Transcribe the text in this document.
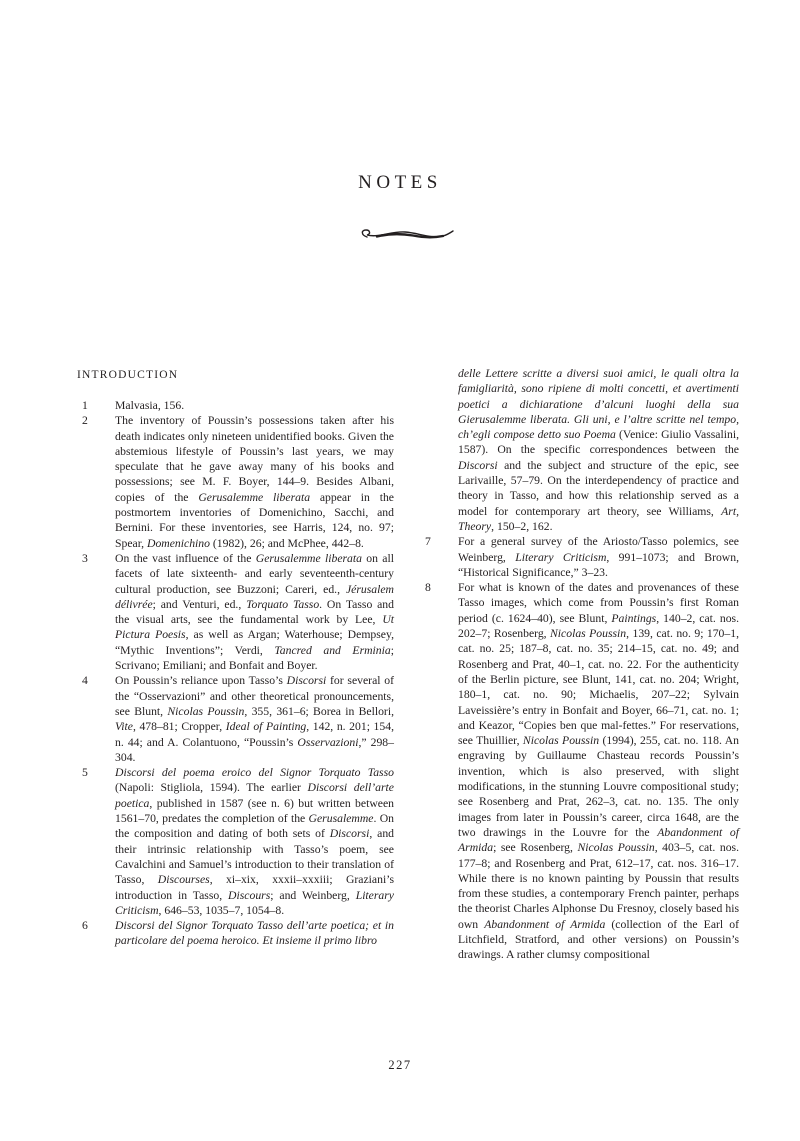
NOTES
INTRODUCTION
1	Malvasia, 156.
2	The inventory of Poussin’s possessions taken after his death indicates only nineteen unidentified books. Given the abstemious lifestyle of Poussin’s last years, we may speculate that he gave away many of his books and possessions; see M. F. Boyer, 144–9. Besides Albani, copies of the Gerusalemme liberata appear in the postmortem inventories of Domenichino, Sacchi, and Bernini. For these inventories, see Harris, 124, no. 97; Spear, Domenichino (1982), 26; and McPhee, 442–8.
3	On the vast influence of the Gerusalemme liberata on all facets of late sixteenth- and early seventeenth-century cultural production, see Buzzoni; Careri, ed., Jérusalem délivrée; and Venturi, ed., Torquato Tasso. On Tasso and the visual arts, see the fundamental work by Lee, Ut Pictura Poesis, as well as Argan; Waterhouse; Dempsey, “Mythic Inventions”; Verdi, Tancred and Erminia; Scrivano; Emiliani; and Bonfait and Boyer.
4	On Poussin’s reliance upon Tasso’s Discorsi for several of the “Osservazioni” and other theoretical pronouncements, see Blunt, Nicolas Poussin, 355, 361–6; Borea in Bellori, Vite, 478–81; Cropper, Ideal of Painting, 142, n. 201; 154, n. 44; and A. Colantuono, “Poussin’s Osservazioni,” 298–304.
5	Discorsi del poema eroico del Signor Torquato Tasso (Napoli: Stigliola, 1594). The earlier Discorsi dell’arte poetica, published in 1587 (see n. 6) but written between 1561–70, predates the completion of the Gerusalemme. On the composition and dating of both sets of Discorsi, and their intrinsic relationship with Tasso’s poem, see Cavalchini and Samuel’s introduction to their translation of Tasso, Discourses, xi–xix, xxxii–xxxiii; Graziani’s introduction in Tasso, Discours; and Weinberg, Literary Criticism, 646–53, 1035–7, 1054–8.
6	Discorsi del Signor Torquato Tasso dell’arte poetica; et in particolare del poema heroico. Et insieme il primo libro
delle Lettere scritte a diversi suoi amici, le quali oltra la famigliarità, sono ripiene di molti concetti, et avertimenti poetici a dichiaratione d’alcuni luoghi della sua Gierusalemme liberata. Gli uni, e l’altre scritte nel tempo, ch’egli compose detto suo Poema (Venice: Giulio Vassalini, 1587). On the specific correspondences between the Discorsi and the subject and structure of the epic, see Larivaille, 57–79. On the interdependency of practice and theory in Tasso, and how this relationship served as a model for contemporary art theory, see Williams, Art, Theory, 150–2, 162.
7	For a general survey of the Ariosto/Tasso polemics, see Weinberg, Literary Criticism, 991–1073; and Brown, “Historical Significance,” 3–23.
8	For what is known of the dates and provenances of these Tasso images, which come from Poussin’s first Roman period (c. 1624–40), see Blunt, Paintings, 140–2, cat. nos. 202–7; Rosenberg, Nicolas Poussin, 139, cat. no. 9; 170–1, cat. no. 25; 187–8, cat. no. 35; 214–15, cat. no. 49; and Rosenberg and Prat, 40–1, cat. no. 22. For the authenticity of the Berlin picture, see Blunt, 141, cat. no. 204; Wright, 180–1, cat. no. 90; Michaelis, 207–22; Sylvain Laveissière’s entry in Bonfait and Boyer, 66–71, cat. no. 1; and Keazor, “Copies ben que mal-fettes.” For reservations, see Thuillier, Nicolas Poussin (1994), 255, cat. no. 118. An engraving by Guillaume Chasteau records Poussin’s invention, which is also preserved, with slight modifications, in the stunning Louvre compositional study; see Rosenberg and Prat, 262–3, cat. no. 135. The only images from later in Poussin’s career, circa 1648, are the two drawings in the Louvre for the Abandonment of Armida; see Rosenberg, Nicolas Poussin, 403–5, cat. nos. 177–8; and Rosenberg and Prat, 612–17, cat. nos. 316–17. While there is no known painting by Poussin that results from these studies, a contemporary French painter, perhaps the theorist Charles Alphonse Du Fresnoy, closely based his own Abandonment of Armida (collection of the Earl of Litchfield, Stratford, and other versions) on Poussin’s drawings. A rather clumsy compositional
227
